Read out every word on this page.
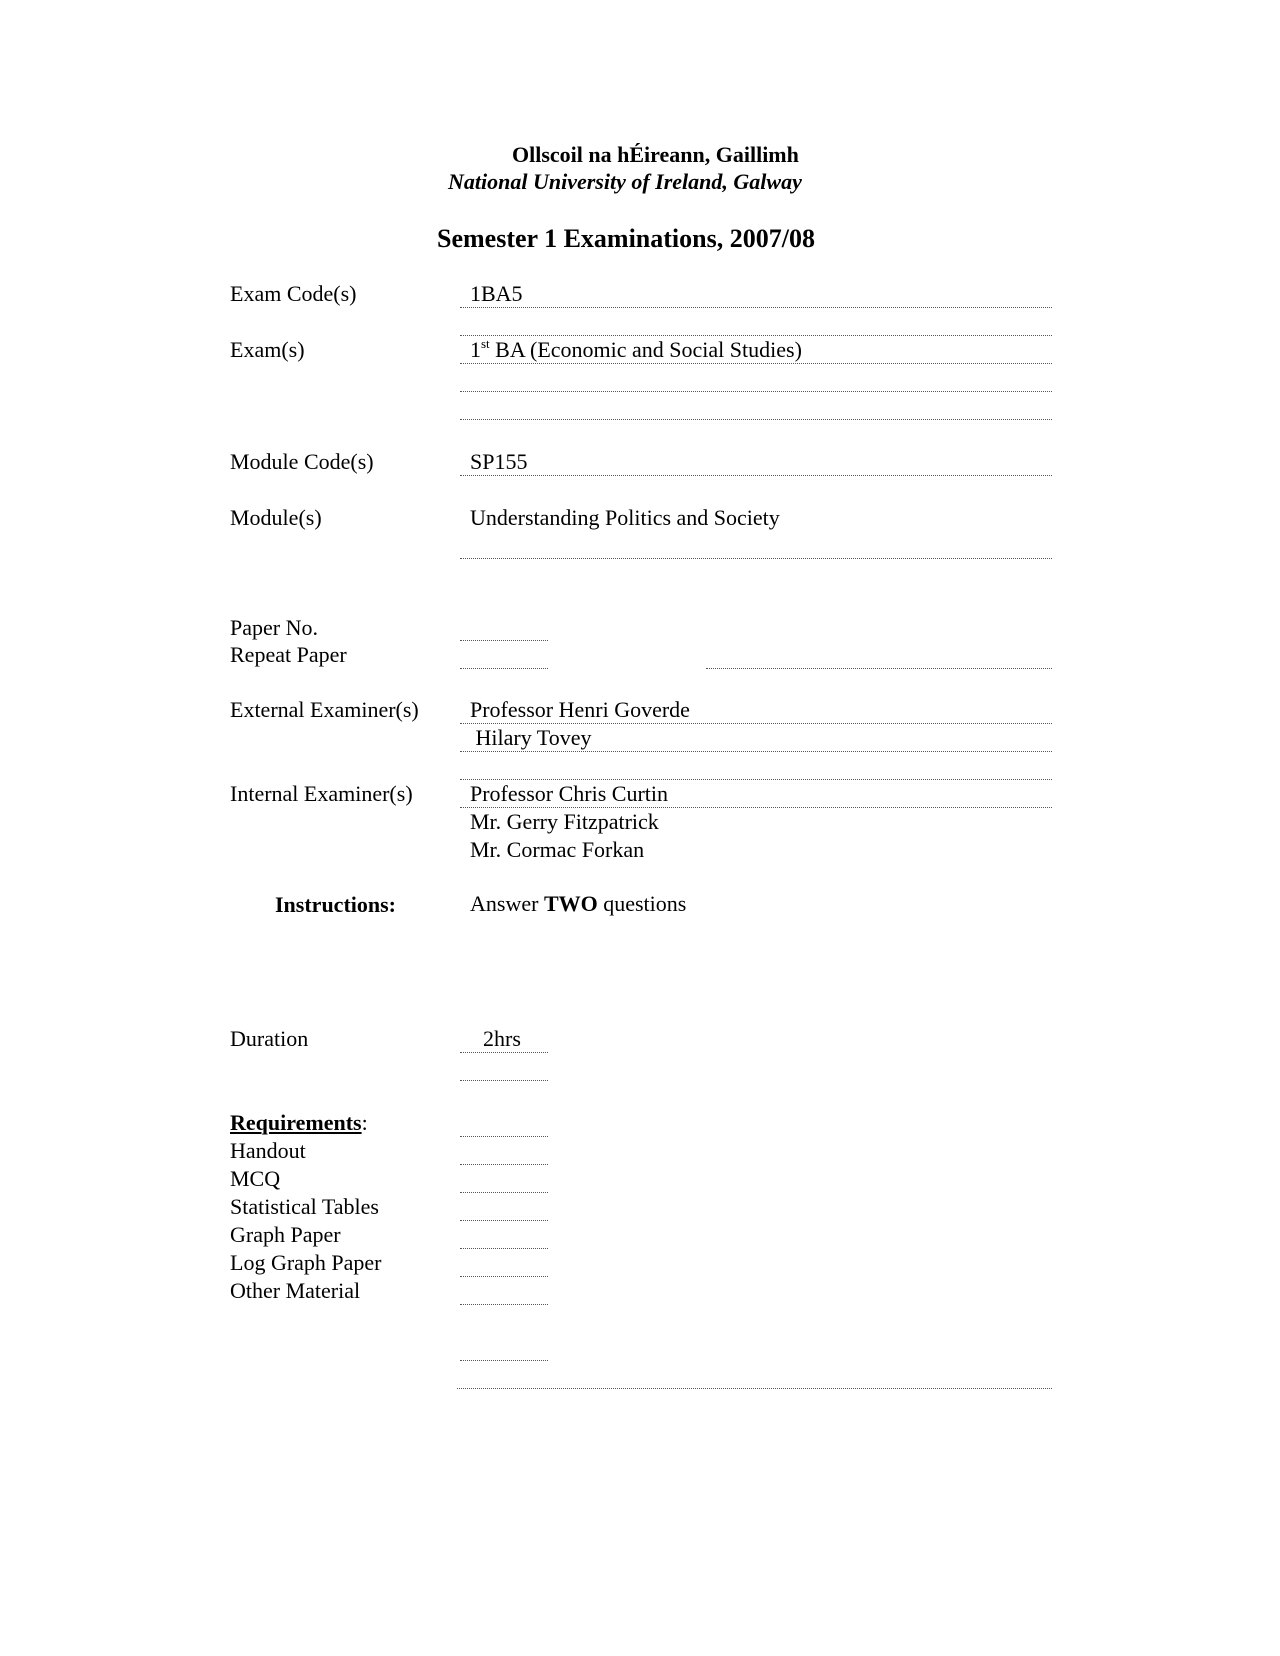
Ollscoil na hÉireann, Gaillimh
National University of Ireland, Galway
Semester 1 Examinations, 2007/08
Exam Code(s)	1BA5
Exam(s)	1st BA (Economic and Social Studies)
Module Code(s)	SP155
Module(s)	Understanding Politics and Society
Paper No.
Repeat Paper
External Examiner(s) Professor Henri Goverde
Hilary Tovey
Internal Examiner(s)	Professor Chris Curtin
Mr. Gerry Fitzpatrick
Mr. Cormac Forkan
Instructions:	Answer TWO questions
Duration	2hrs
Requirements:
Handout
MCQ
Statistical Tables
Graph Paper
Log Graph Paper
Other Material
